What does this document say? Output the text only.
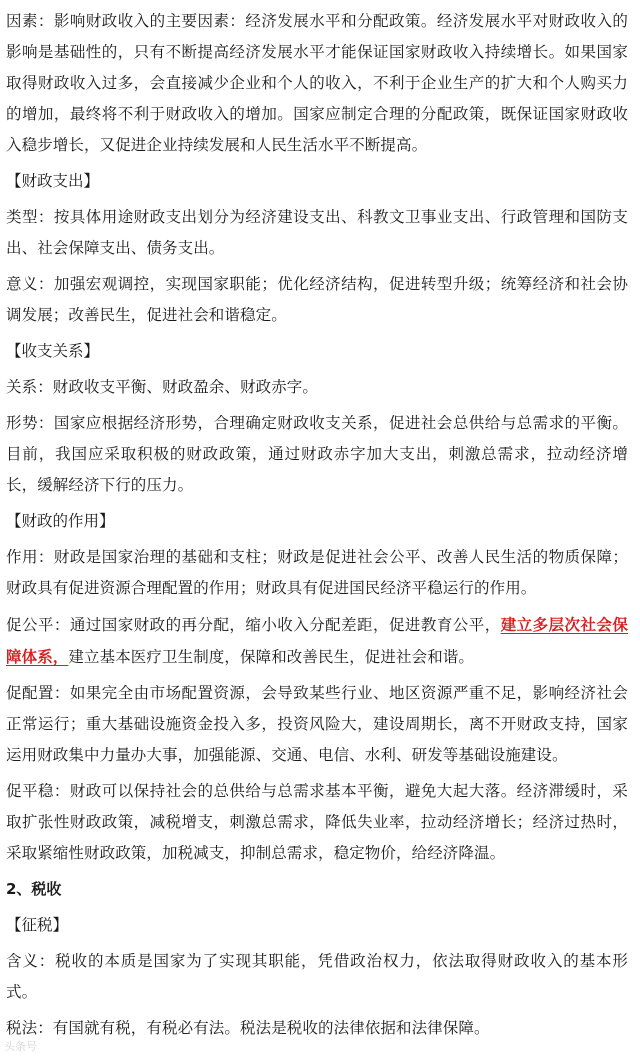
因素：影响财政收入的主要因素：经济发展水平和分配政策。经济发展水平对财政收入的影响是基础性的，只有不断提高经济发展水平才能保证国家财政收入持续增长。如果国家取得财政收入过多，会直接减少企业和个人的收入，不利于企业生产的扩大和个人购买力的增加，最终将不利于财政收入的增加。国家应制定合理的分配政策，既保证国家财政收入稳步增长，又促进企业持续发展和人民生活水平不断提高。

【财政支出】

类型：按具体用途财政支出划分为经济建设支出、科教文卫事业支出、行政管理和国防支出、社会保障支出、债务支出。

意义：加强宏观调控，实现国家职能；优化经济结构，促进转型升级；统筹经济和社会协调发展；改善民生，促进社会和谐稳定。

【收支关系】

关系：财政收支平衡、财政盈余、财政赤字。

形势：国家应根据经济形势，合理确定财政收支关系，促进社会总供给与总需求的平衡。目前，我国应采取积极的财政政策，通过财政赤字加大支出，刺激总需求，拉动经济增长，缓解经济下行的压力。

【财政的作用】

作用：财政是国家治理的基础和支柱；财政是促进社会公平、改善人民生活的物质保障；财政具有促进资源合理配置的作用；财政具有促进国民经济平稳运行的作用。

促公平：通过国家财政的再分配，缩小收入分配差距，促进教育公平，建立多层次社会保障体系，建立基本医疗卫生制度，保障和改善民生，促进社会和谐。

促配置：如果完全由市场配置资源，会导致某些行业、地区资源严重不足，影响经济社会正常运行；重大基础设施资金投入多，投资风险大，建设周期长，离不开财政支持，国家运用财政集中力量办大事，加强能源、交通、电信、水利、研发等基础设施建设。

促平稳：财政可以保持社会的总供给与总需求基本平衡，避免大起大落。经济滞缓时，采取扩张性财政政策，减税增支，刺激总需求，降低失业率，拉动经济增长；经济过热时，采取紧缩性财政政策，加税减支，抑制总需求，稳定物价，给经济降温。

2、税收

【征税】

含义：税收的本质是国家为了实现其职能，凭借政治权力，依法取得财政收入的基本形式。

税法：有国就有税，有税必有法。税法是税收的法律依据和法律保障。

头条号
